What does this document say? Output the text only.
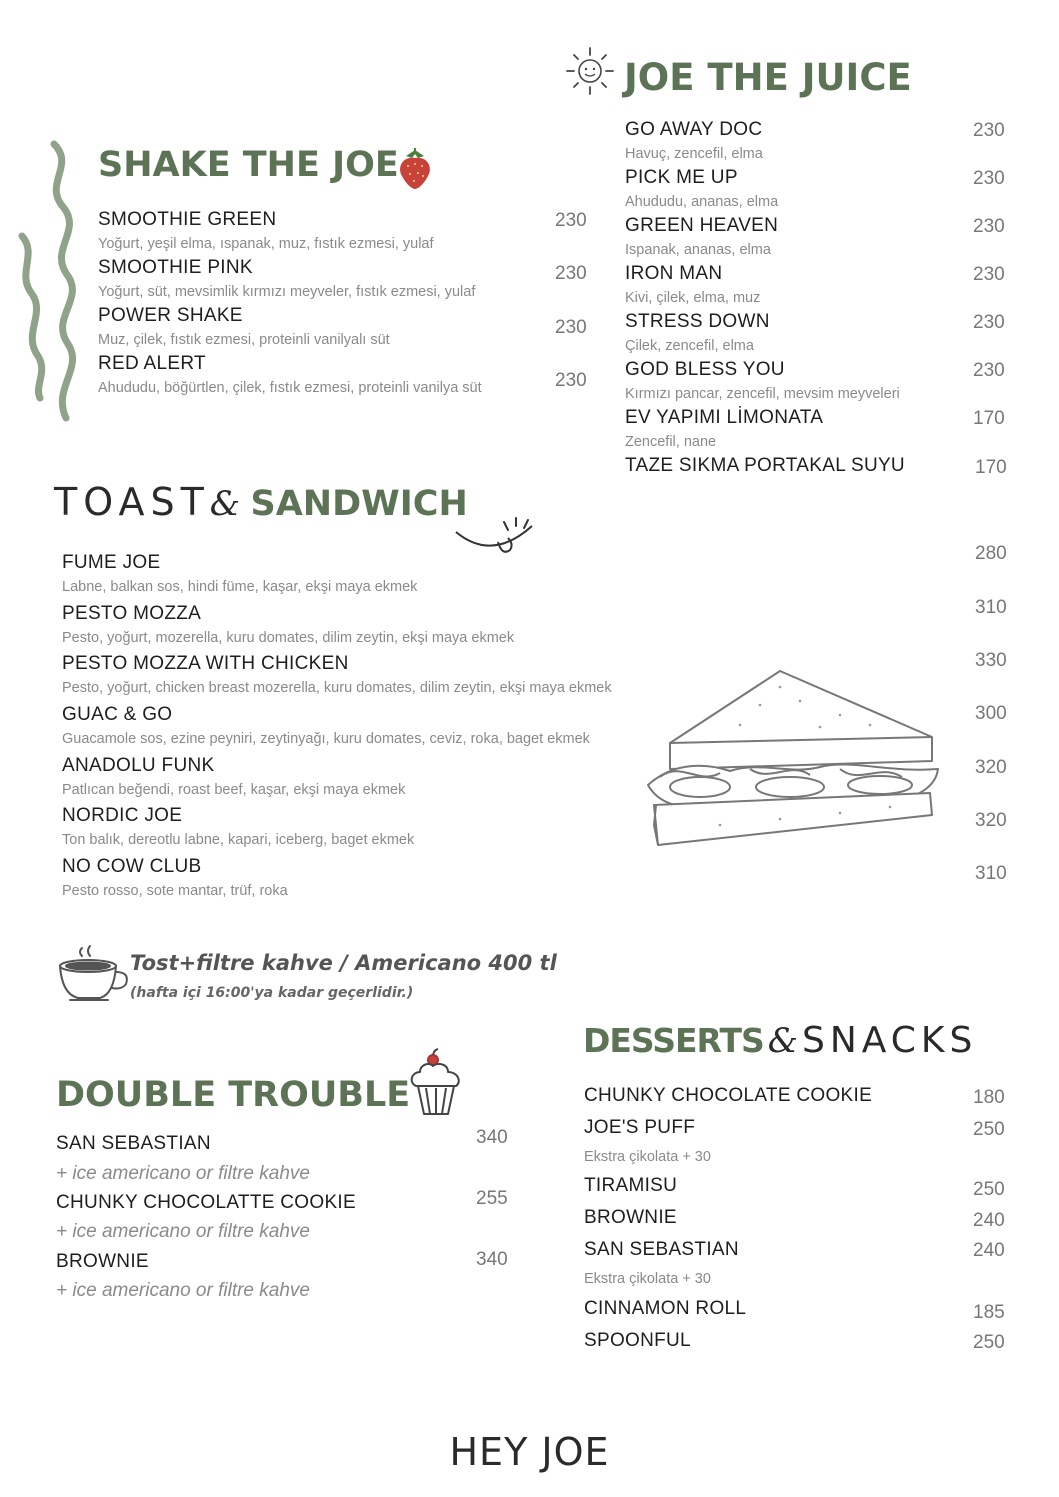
JOE THE JUICE
GO AWAY DOC
Havuç, zencefil, elma
230
PICK ME UP
Ahududu, ananas, elma
230
GREEN HEAVEN
Ispanak, ananas, elma
230
IRON MAN
Kivi, çilek, elma, muz
230
STRESS DOWN
Çilek, zencefil, elma
230
GOD BLESS YOU
Kırmızı pancar, zencefil, mevsim meyveleri
230
EV YAPIMI LİMONATA
Zencefil, nane
170
TAZE SIKMA PORTAKAL SUYU	170
SHAKE THE JOE
SMOOTHIE GREEN
Yoğurt, yeşil elma, ıspanak, muz, fıstık ezmesi, yulaf
230
SMOOTHIE PINK
Yoğurt, süt, mevsimlik kırmızı meyveler, fıstık ezmesi, yulaf
230
POWER SHAKE
Muz, çilek, fıstık ezmesi, proteinli vanilyalı süt
230
RED ALERT
Ahududu, böğürtlen, çilek, fıstık ezmesi, proteinli vanilya süt	230
TOAST& SANDWICH
FUME JOE
Labne, balkan sos, hindi füme, kaşar, ekşi maya ekmek
280
PESTO MOZZA
Pesto, yoğurt, mozerella, kuru domates, dilim zeytin, ekşi maya ekmek
310
PESTO MOZZA WITH CHICKEN
Pesto, yoğurt, chicken breast mozerella, kuru domates, dilim zeytin, ekşi maya ekmek
330
GUAC & GO
Guacamole sos, ezine peyniri, zeytinyağı, kuru domates, ceviz, roka, baget ekmek
300
ANADOLU FUNK
Patlıcan beğendi, roast beef, kaşar, ekşi maya ekmek
320
NORDIC JOE
Ton balık, dereotlu labne, kapari, iceberg, baget ekmek
320
NO COW CLUB
Pesto rosso, sote mantar, trüf, roka
310
Tost+filtre kahve / Americano 400 tl
(hafta içi 16:00'ya kadar geçerlidir.)
DOUBLE TROUBLE
SAN SEBASTIAN
+ ice americano or filtre kahve
340
CHUNKY CHOCOLATTE COOKIE
+ ice americano or filtre kahve
255
BROWNIE
+ ice americano or filtre kahve
340
DESSERTS & SNACKS
CHUNKY CHOCOLATE COOKIE	180
JOE'S PUFF
Ekstra çikolata + 30
250
TIRAMISU	250
BROWNIE	240
SAN SEBASTIAN
Ekstra çikolata + 30
240
CINNAMON ROLL	185
SPOONFUL	250
HEY JOE
